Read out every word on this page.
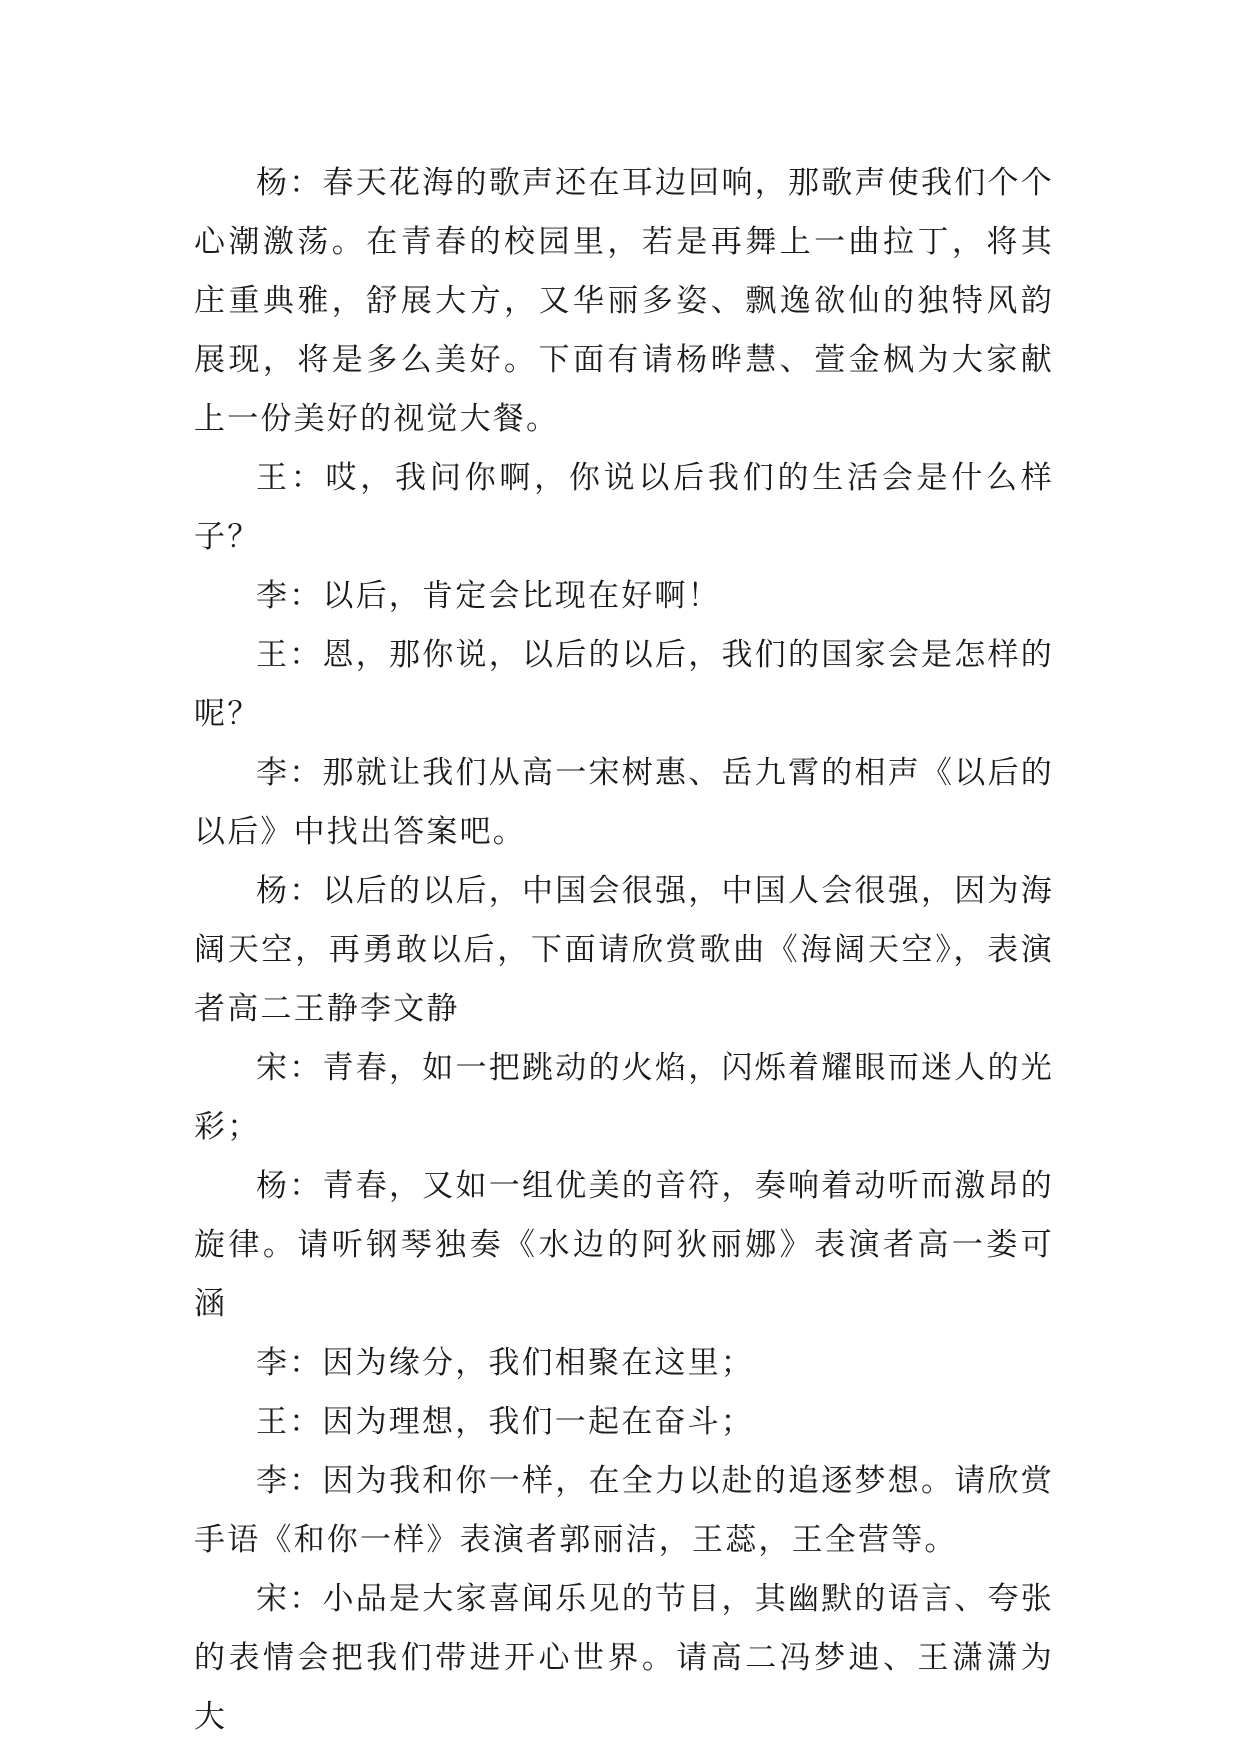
杨：春天花海的歌声还在耳边回响，那歌声使我们个个心潮激荡。在青春的校园里，若是再舞上一曲拉丁，将其庄重典雅，舒展大方，又华丽多姿、飘逸欲仙的独特风韵展现，将是多么美好。下面有请杨晔慧、萱金枫为大家献上一份美好的视觉大餐。

王：哎，我问你啊，你说以后我们的生活会是什么样子？

李：以后，肯定会比现在好啊！

王：恩，那你说，以后的以后，我们的国家会是怎样的呢？

李：那就让我们从高一宋树惠、岳九霄的相声《以后的以后》中找出答案吧。

杨：以后的以后，中国会很强，中国人会很强，因为海阔天空，再勇敢以后，下面请欣赏歌曲《海阔天空》，表演者高二王静李文静

宋：青春，如一把跳动的火焰，闪烁着耀眼而迷人的光彩；

杨：青春，又如一组优美的音符，奏响着动听而激昂的旋律。请听钢琴独奏《水边的阿狄丽娜》表演者高一娄可涵

李：因为缘分，我们相聚在这里；

王：因为理想，我们一起在奋斗；

李：因为我和你一样，在全力以赴的追逐梦想。请欣赏手语《和你一样》表演者郭丽洁，王蕊，王全营等。

宋：小品是大家喜闻乐见的节目，其幽默的语言、夸张的表情会把我们带进开心世界。请高二冯梦迪、王潇潇为大
